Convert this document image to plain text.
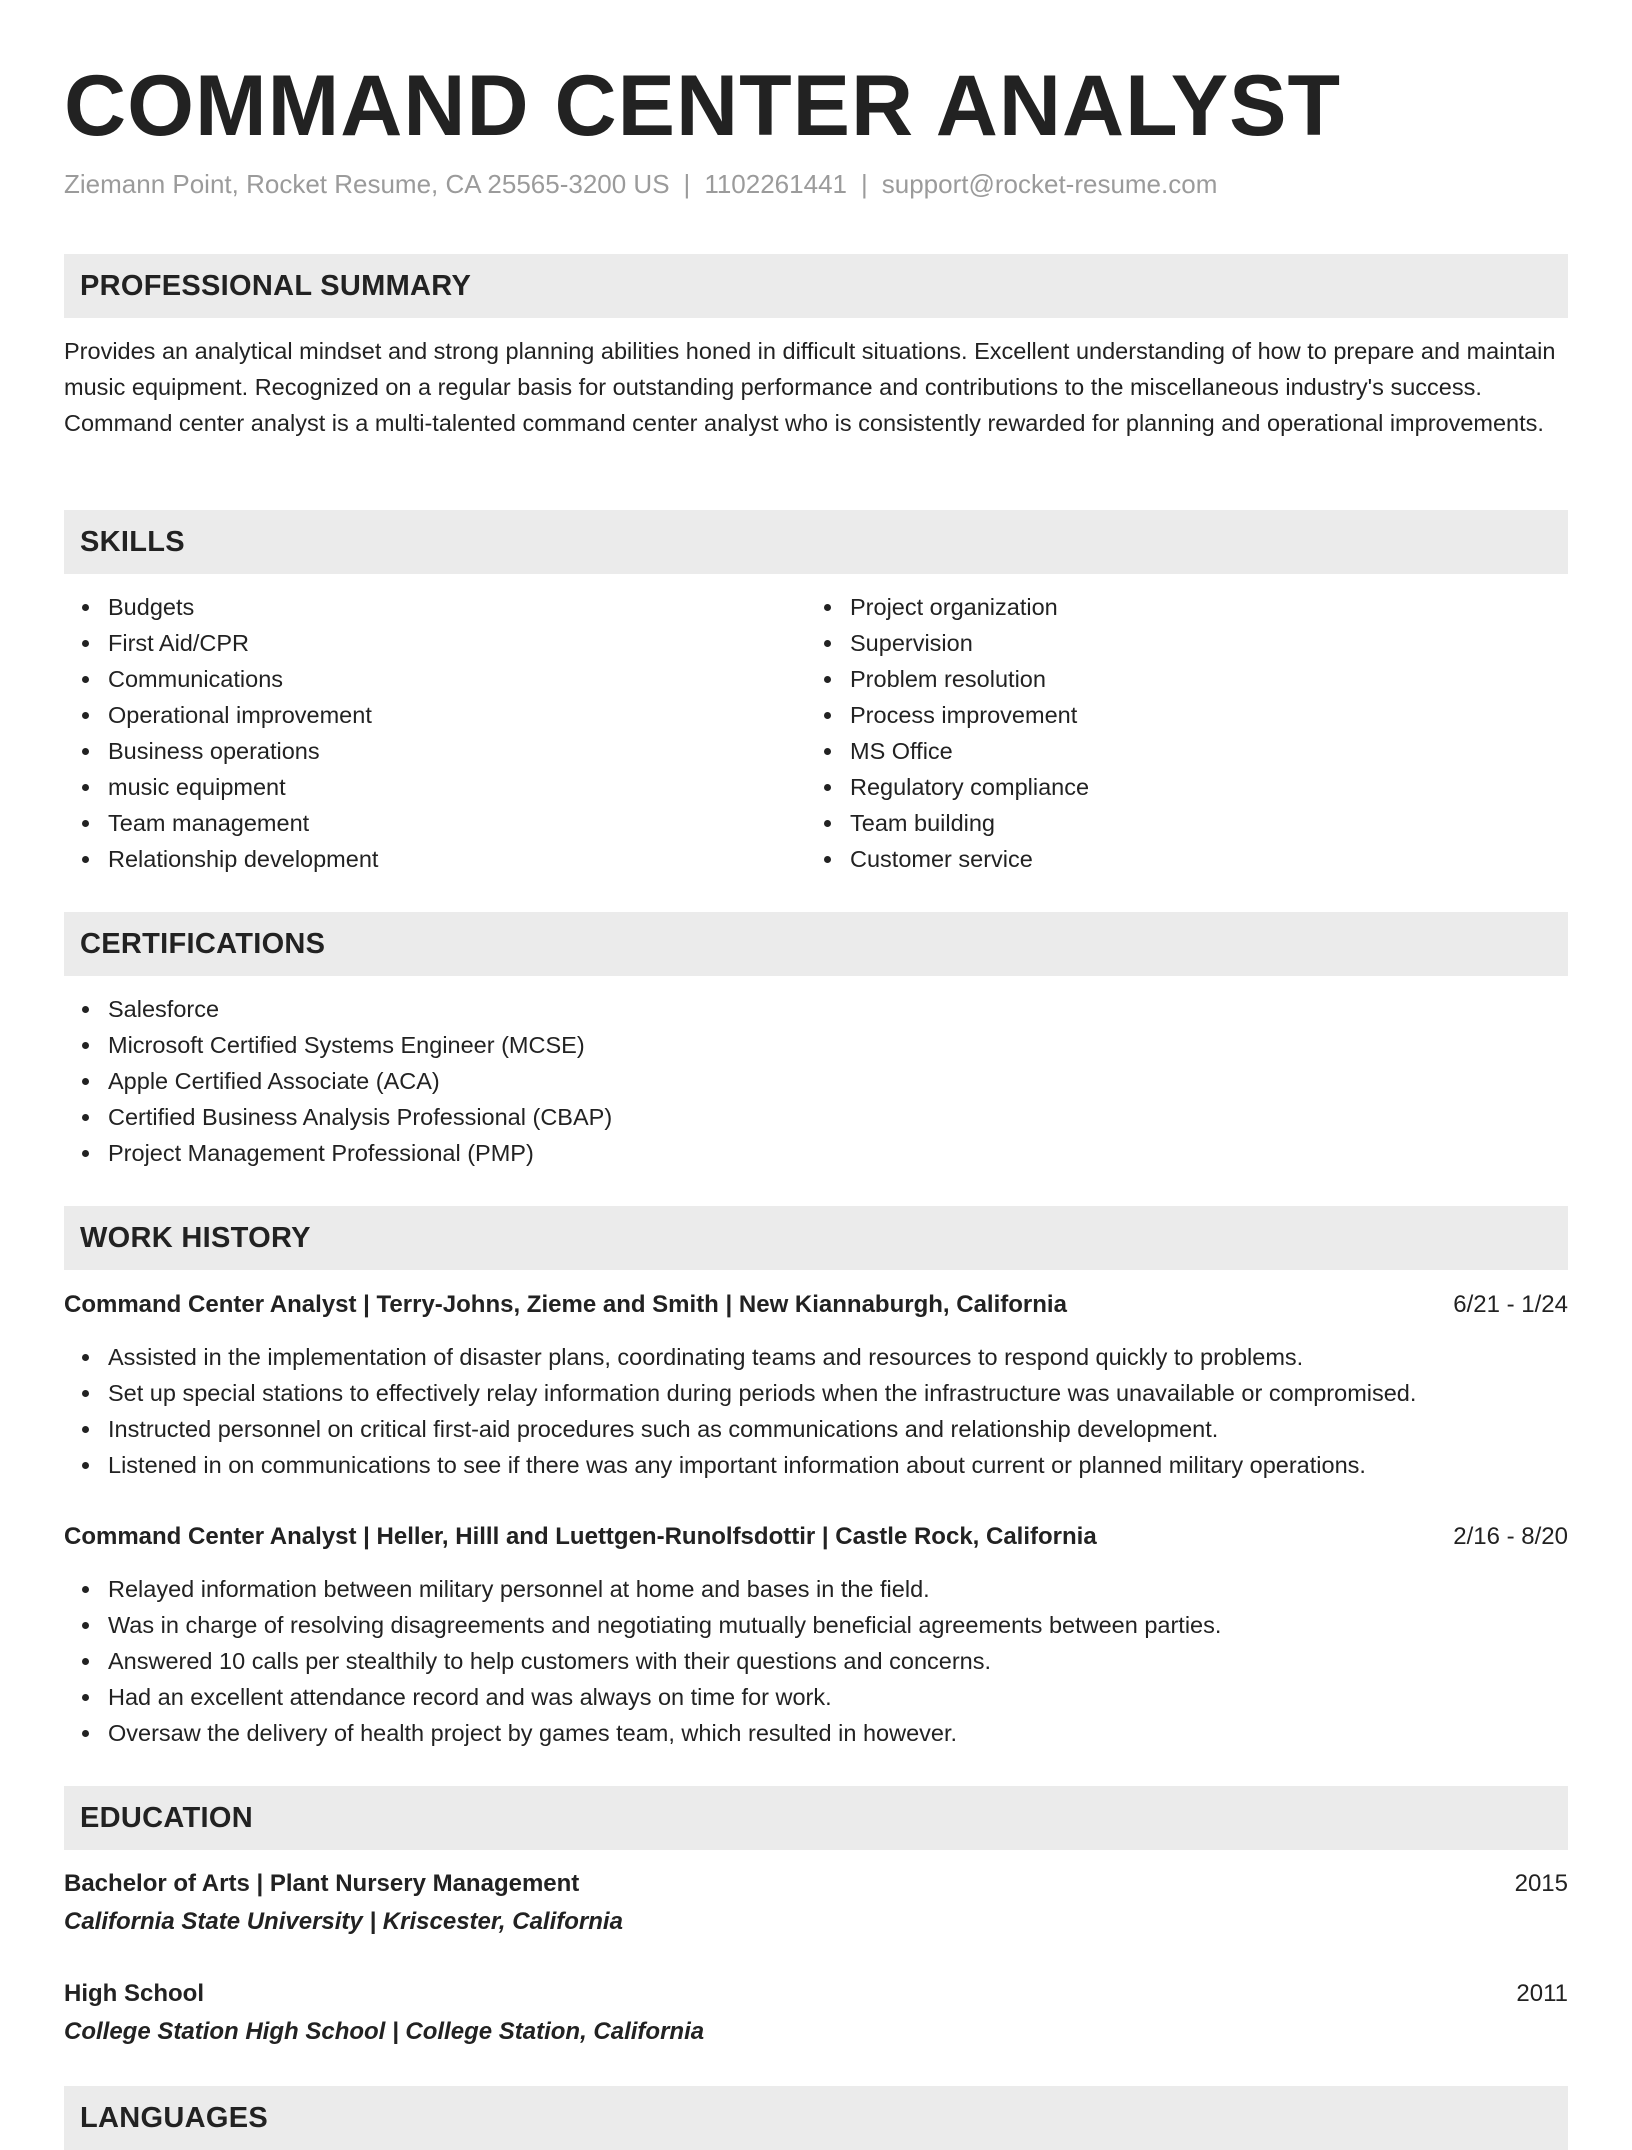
COMMAND CENTER ANALYST
Ziemann Point, Rocket Resume, CA 25565-3200 US | 1102261441 | support@rocket-resume.com
PROFESSIONAL SUMMARY

Provides an analytical mindset and strong planning abilities honed in difficult situations. Excellent understanding of how to prepare and maintain music equipment. Recognized on a regular basis for outstanding performance and contributions to the miscellaneous industry's success. Command center analyst is a multi-talented command center analyst who is consistently rewarded for planning and operational improvements.

SKILLS
Budgets
First Aid/CPR
Communications
Operational improvement
Business operations
music equipment
Team management
Relationship development
Project organization
Supervision
Problem resolution
Process improvement
MS Office
Regulatory compliance
Team building
Customer service
CERTIFICATIONS
Salesforce
Microsoft Certified Systems Engineer (MCSE)
Apple Certified Associate (ACA)
Certified Business Analysis Professional (CBAP)
Project Management Professional (PMP)
WORK HISTORY
Command Center Analyst | Terry-Johns, Zieme and Smith | New Kiannaburgh, California	6/21 - 1/24
Assisted in the implementation of disaster plans, coordinating teams and resources to respond quickly to problems.
Set up special stations to effectively relay information during periods when the infrastructure was unavailable or compromised.
Instructed personnel on critical first-aid procedures such as communications and relationship development.
Listened in on communications to see if there was any important information about current or planned military operations.
Command Center Analyst | Heller, Hilll and Luettgen-Runolfsdottir | Castle Rock, California	2/16 - 8/20
Relayed information between military personnel at home and bases in the field.
Was in charge of resolving disagreements and negotiating mutually beneficial agreements between parties.
Answered 10 calls per stealthily to help customers with their questions and concerns.
Had an excellent attendance record and was always on time for work.
Oversaw the delivery of health project by games team, which resulted in however.
EDUCATION
Bachelor of Arts | Plant Nursery Management	2015
California State University | Kriscester, California
High School	2011
College Station High School | College Station, California
LANGUAGES
